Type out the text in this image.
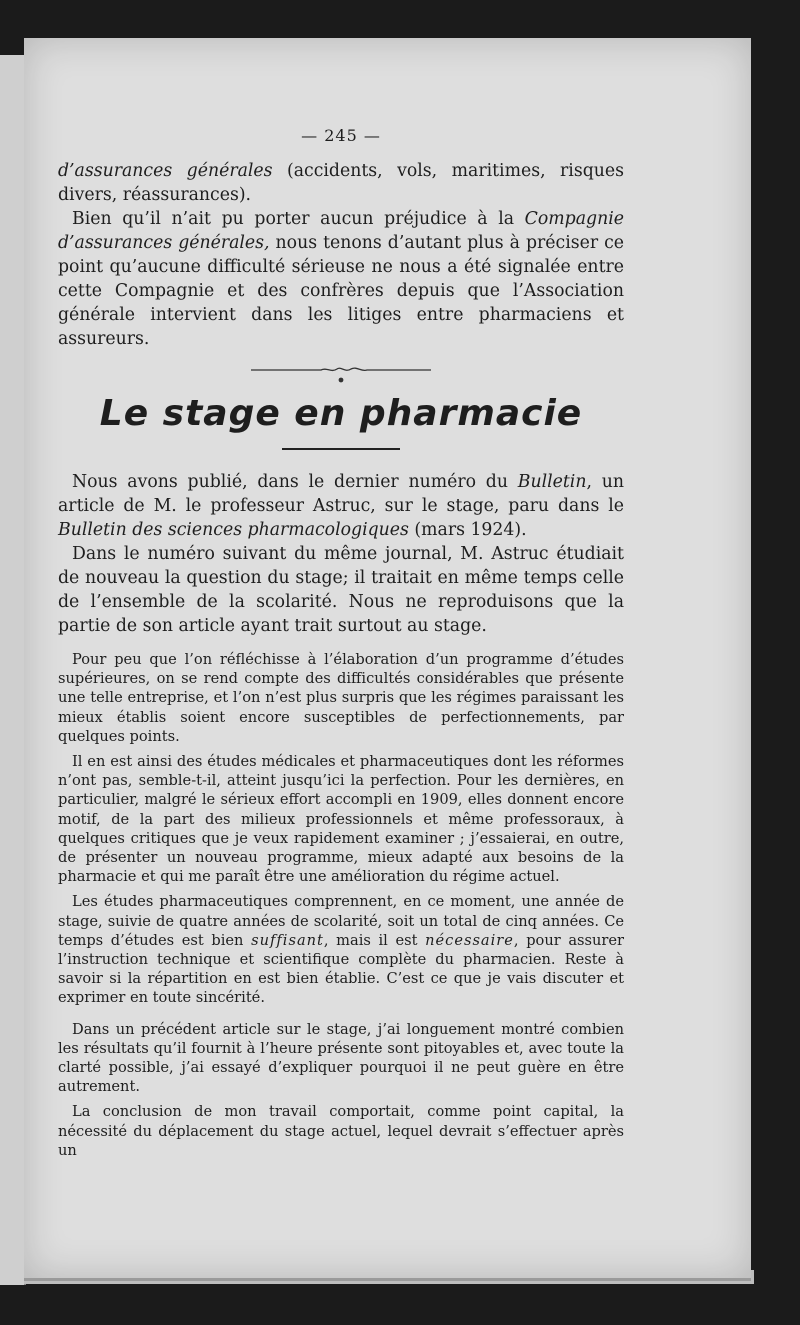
— 245 —

d’assurances générales (accidents, vols, maritimes, risques divers, réassurances).

Bien qu’il n’ait pu porter aucun préjudice à la Compagnie d’assurances générales, nous tenons d’autant plus à préciser ce point qu’aucune difficulté sérieuse ne nous a été signalée entre cette Compagnie et des confrères depuis que l’Association générale intervient dans les litiges entre pharmaciens et assureurs.

Le stage en pharmacie

Nous avons publié, dans le dernier numéro du Bulletin, un article de M. le professeur Astruc, sur le stage, paru dans le Bulletin des sciences pharmacologiques (mars 1924).

Dans le numéro suivant du même journal, M. Astruc étudiait de nouveau la question du stage; il traitait en même temps celle de l’ensemble de la scolarité. Nous ne reproduisons que la partie de son article ayant trait surtout au stage.

Pour peu que l’on réfléchisse à l’élaboration d’un programme d’études supérieures, on se rend compte des difficultés considérables que présente une telle entreprise, et l’on n’est plus surpris que les régimes paraissant les mieux établis soient encore susceptibles de perfectionnements, par quelques points.

Il en est ainsi des études médicales et pharmaceutiques dont les réformes n’ont pas, semble-t-il, atteint jusqu’ici la perfection. Pour les dernières, en particulier, malgré le sérieux effort accompli en 1909, elles donnent encore motif, de la part des milieux professionnels et même professoraux, à quelques critiques que je veux rapidement examiner ; j’essaierai, en outre, de présenter un nouveau programme, mieux adapté aux besoins de la pharmacie et qui me paraît être une amélioration du régime actuel.

Les études pharmaceutiques comprennent, en ce moment, une année de stage, suivie de quatre années de scolarité, soit un total de cinq années. Ce temps d’études est bien suffisant, mais il est nécessaire, pour assurer l’instruction technique et scientifique complète du pharmacien. Reste à savoir si la répartition en est bien établie. C’est ce que je vais discuter et exprimer en toute sincérité.

Dans un précédent article sur le stage, j’ai longuement montré combien les résultats qu’il fournit à l’heure présente sont pitoyables et, avec toute la clarté possible, j’ai essayé d’expliquer pourquoi il ne peut guère en être autrement.

La conclusion de mon travail comportait, comme point capital, la nécessité du déplacement du stage actuel, lequel devrait s’effectuer après un
